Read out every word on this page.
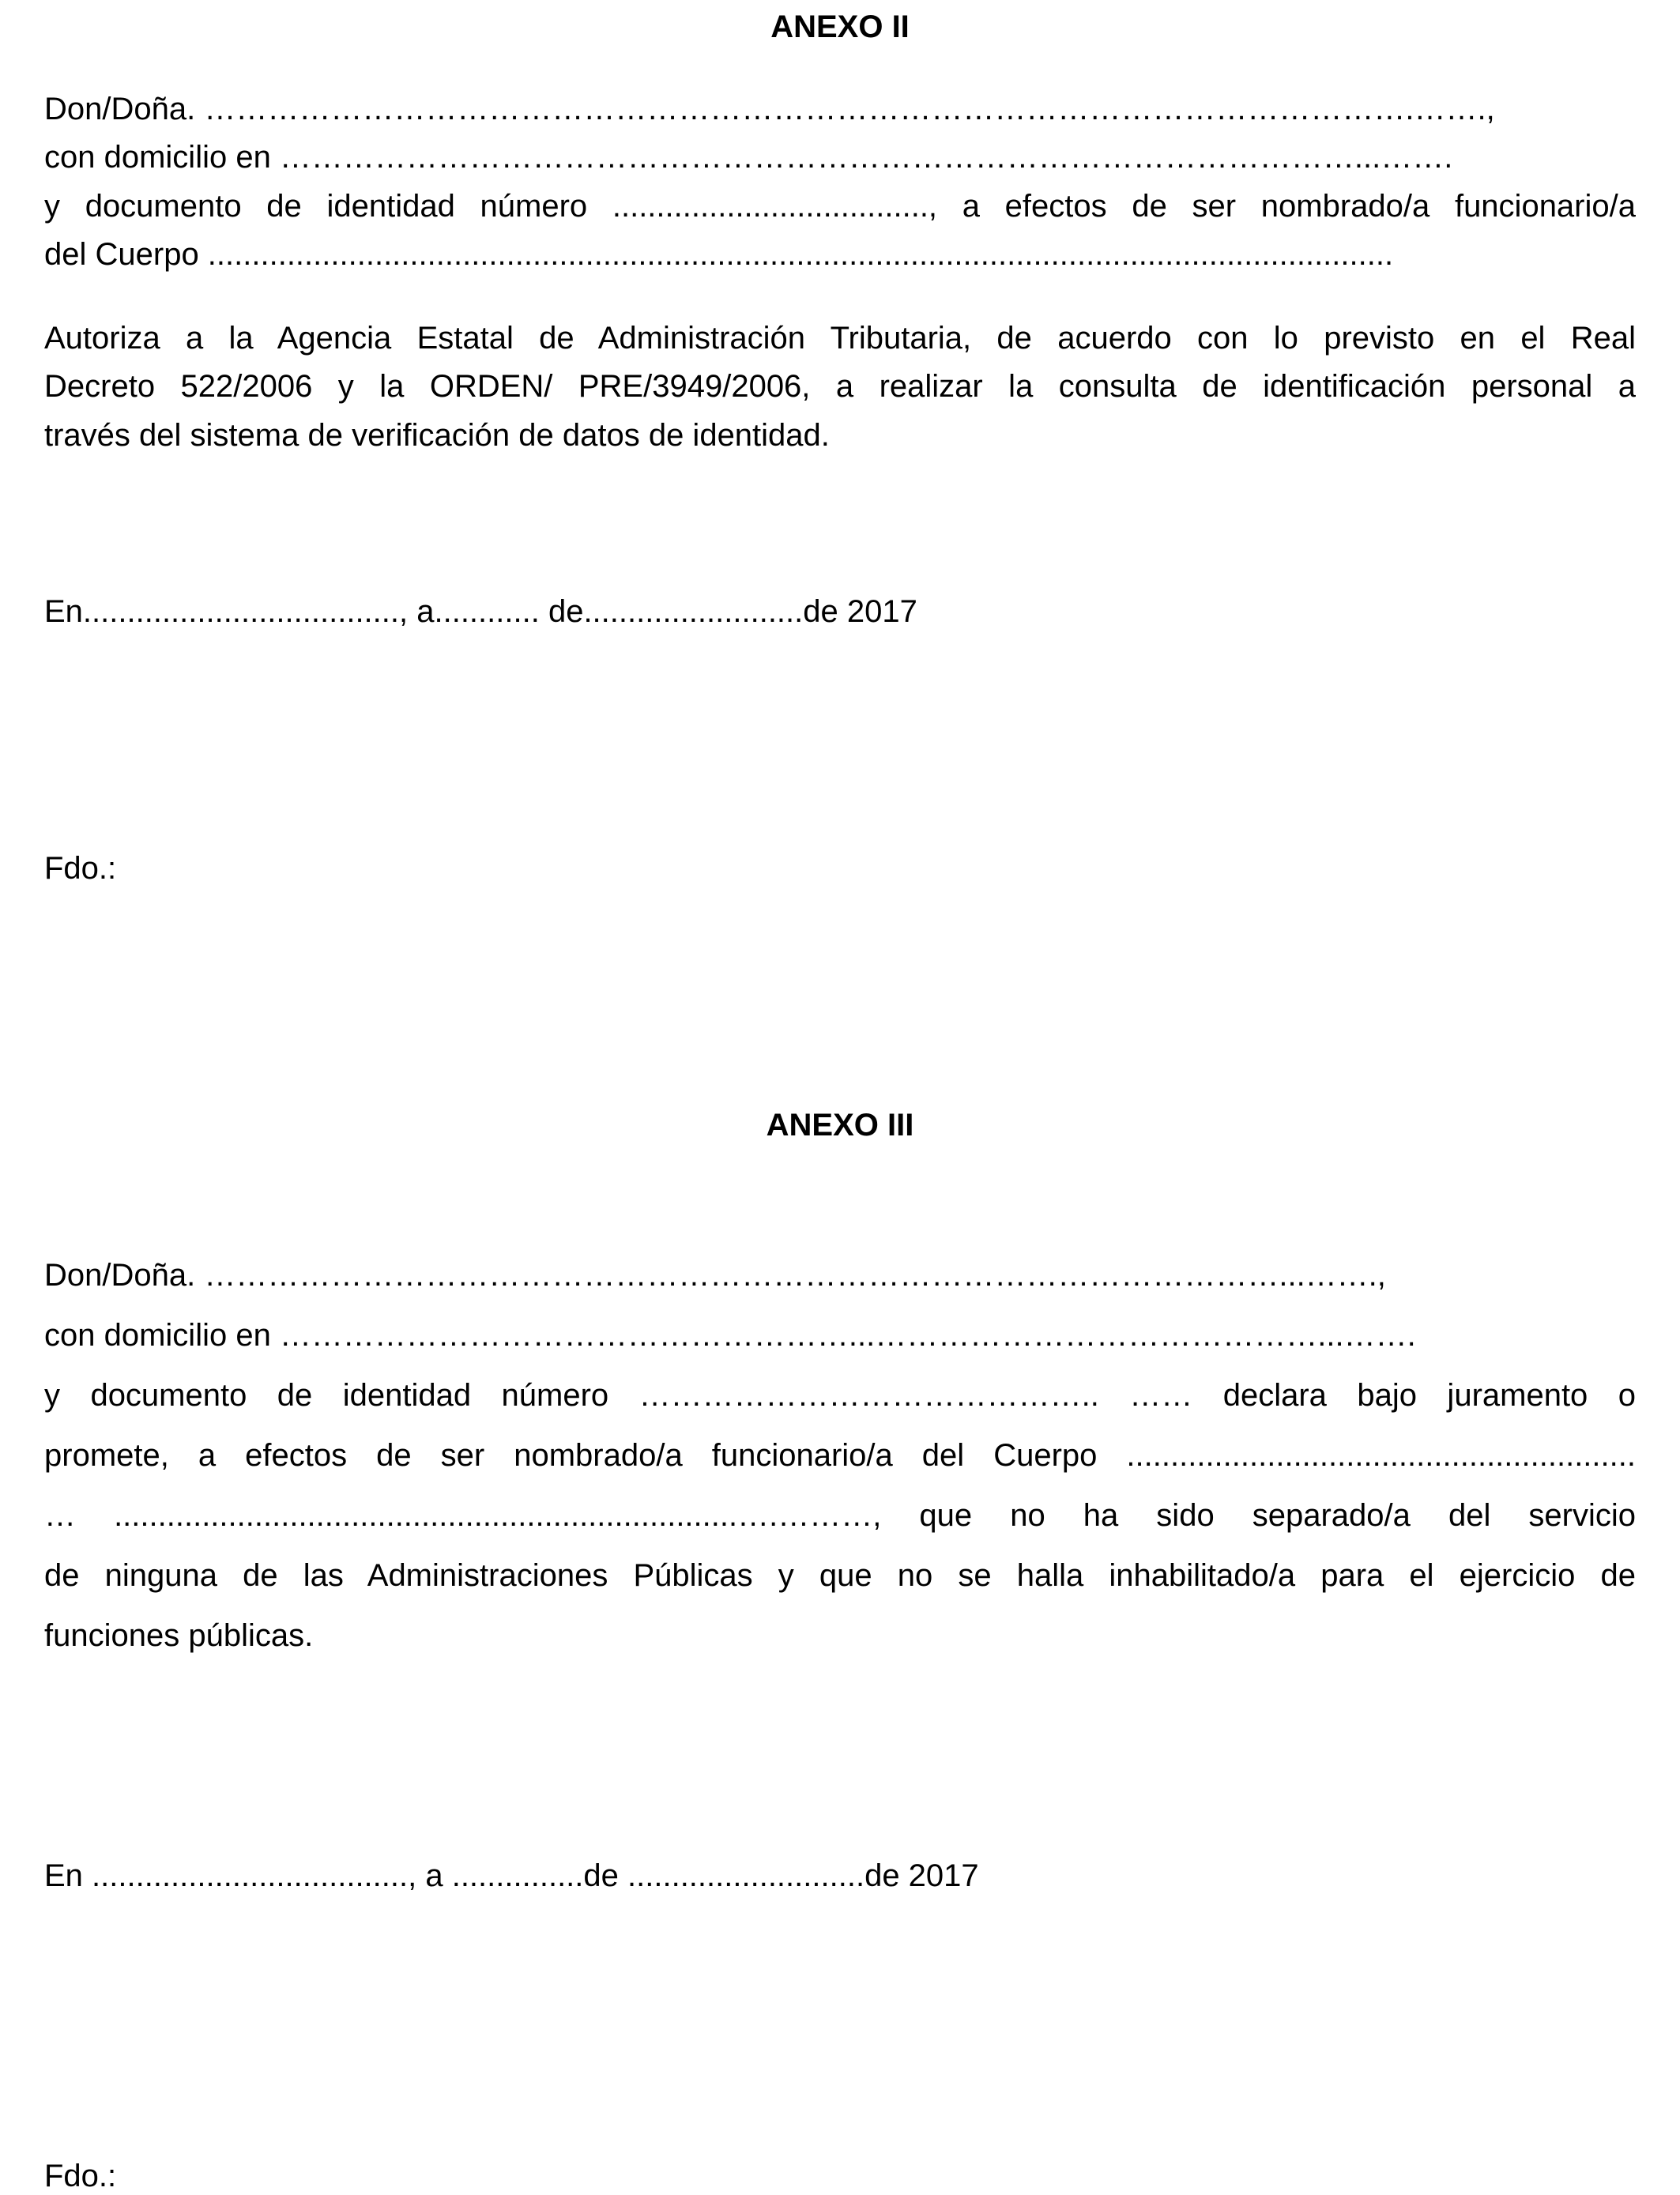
ANEXO II
Don/Doña. …………………………………………………………………………………………………….…….,
con domicilio en …………………………………………………………………………………………...…….
y documento de identidad número ...................................., a efectos de ser nombrado/a funcionario/a
del Cuerpo .......................................................................................................................................
Autoriza a la Agencia Estatal de Administración Tributaria, de acuerdo con lo previsto en el Real
Decreto 522/2006 y la ORDEN/ PRE/3949/2006, a realizar la consulta de identificación personal a
través del sistema de verificación de datos de identidad.
En...................................., a............ de.........................de 2017
Fdo.:
ANEXO III
Don/Doña. …………………………………………………………………………………………...…….,
con domicilio en ………………………………………………...……………………………………...…….
y documento de identidad número …………………………………….. …… declara bajo juramento o
promete, a efectos de ser nombrado/a funcionario/a del Cuerpo ..........................................................
… .......................................................................….………, que no ha sido separado/a del servicio
de ninguna de las Administraciones Públicas y que no se halla inhabilitado/a para el ejercicio de
funciones públicas.
En ...................................., a ...............de ...........................de 2017
Fdo.:
